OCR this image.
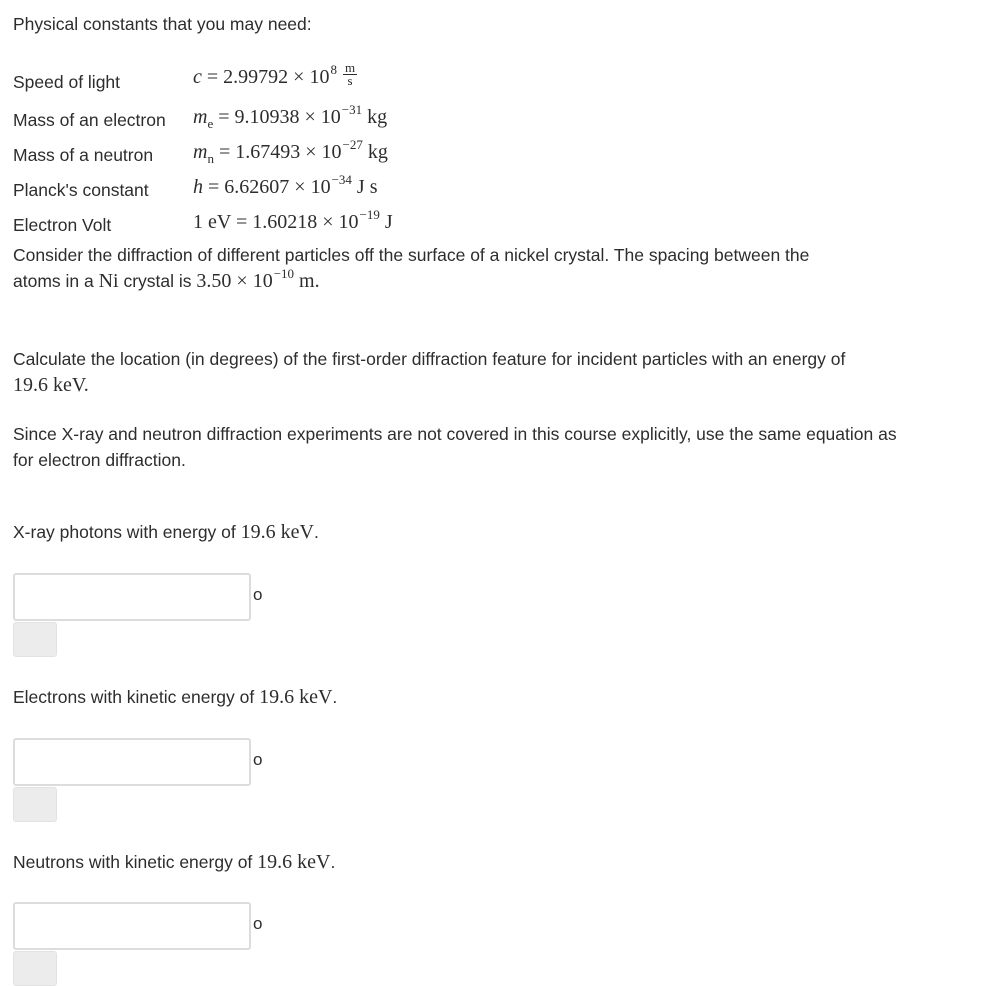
Physical constants that you may need:
Speed of light	$c = 2.99792 \times 10^8 \frac{m}{s}$
Mass of an electron $m_e = 9.10938 \times 10^{-31}$ kg
Mass of a neutron $m_n = 1.67493 \times 10^{-27}$ kg
Planck's constant $h = 6.62607 \times 10^{-34}$ J s
Electron Volt	1 eV = $1.60218 \times 10^{-19}$ J
Consider the diffraction of different particles off the surface of a nickel crystal. The spacing between the
atoms in a Ni crystal is $3.50 \times 10^{-10}$ m.
Calculate the location (in degrees) of the first-order diffraction feature for incident particles with an energy of
19.6 keV.
Since X-ray and neutron diffraction experiments are not covered in this course explicitly, use the same equation as for electron diffraction.
X-ray photons with energy of 19.6 keV.
o
Electrons with kinetic energy of 19.6 keV.
o
Neutrons with kinetic energy of 19.6 keV.
o
